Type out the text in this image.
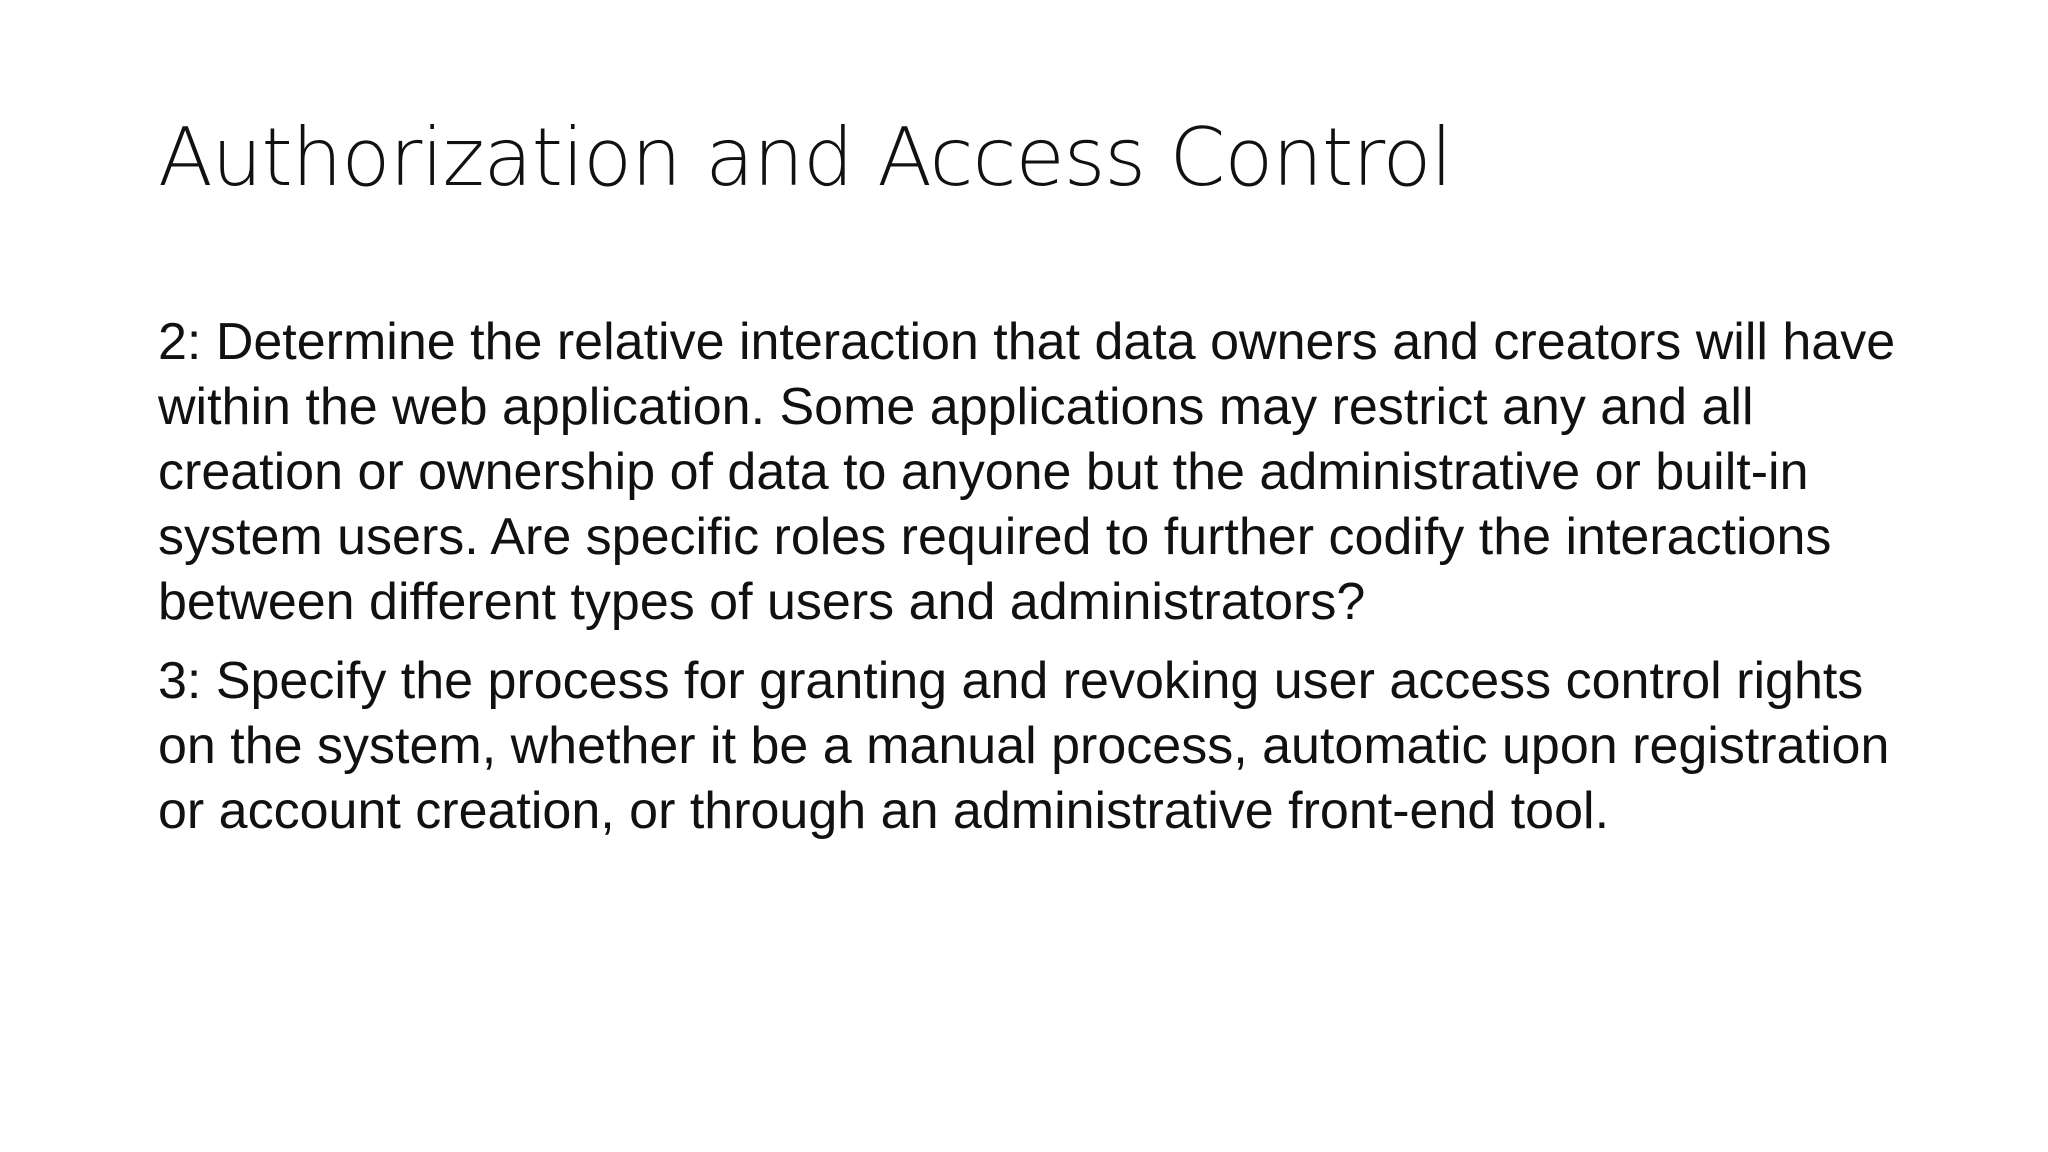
Authorization and Access Control

2: Determine the relative interaction that data owners and creators will have within the web application. Some applications may restrict any and all creation or ownership of data to anyone but the administrative or built-in system users. Are specific roles required to further codify the interactions between different types of users and administrators?

3: Specify the process for granting and revoking user access control rights on the system, whether it be a manual process, automatic upon registration or account creation, or through an administrative front-end tool.
